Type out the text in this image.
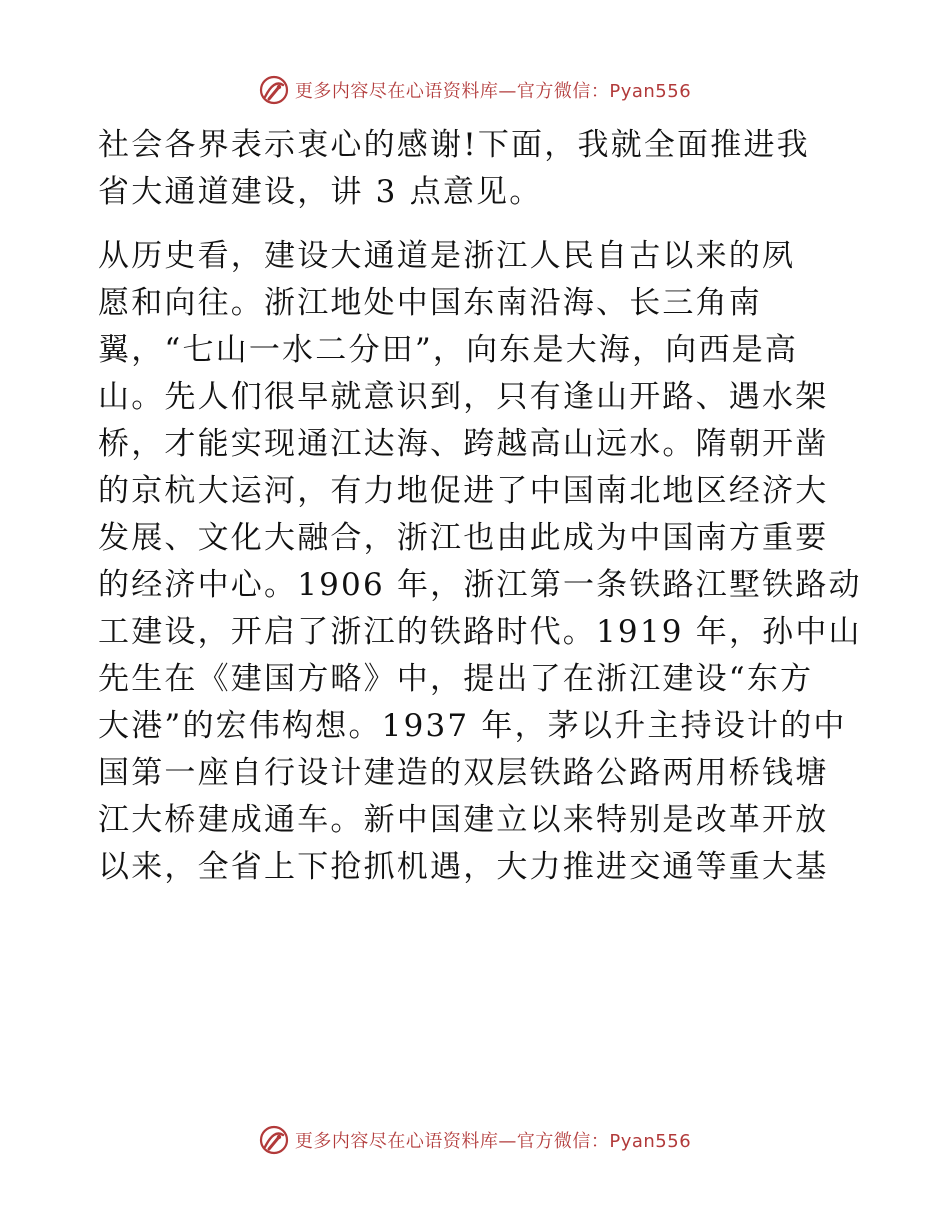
更多内容尽在心语资料库—官方微信：Pyan556

社会各界表示衷心的感谢!下面，我就全面推进我
省大通道建设，讲 3 点意见。

从历史看，建设大通道是浙江人民自古以来的夙
愿和向往。浙江地处中国东南沿海、长三角南
翼，“七山一水二分田”，向东是大海，向西是高
山。先人们很早就意识到，只有逢山开路、遇水架
桥，才能实现通江达海、跨越高山远水。隋朝开凿
的京杭大运河，有力地促进了中国南北地区经济大
发展、文化大融合，浙江也由此成为中国南方重要
的经济中心。1906 年，浙江第一条铁路江墅铁路动
工建设，开启了浙江的铁路时代。1919 年，孙中山
先生在《建国方略》中，提出了在浙江建设“东方
大港”的宏伟构想。1937 年，茅以升主持设计的中
国第一座自行设计建造的双层铁路公路两用桥钱塘
江大桥建成通车。新中国建立以来特别是改革开放
以来，全省上下抢抓机遇，大力推进交通等重大基

更多内容尽在心语资料库—官方微信：Pyan556
